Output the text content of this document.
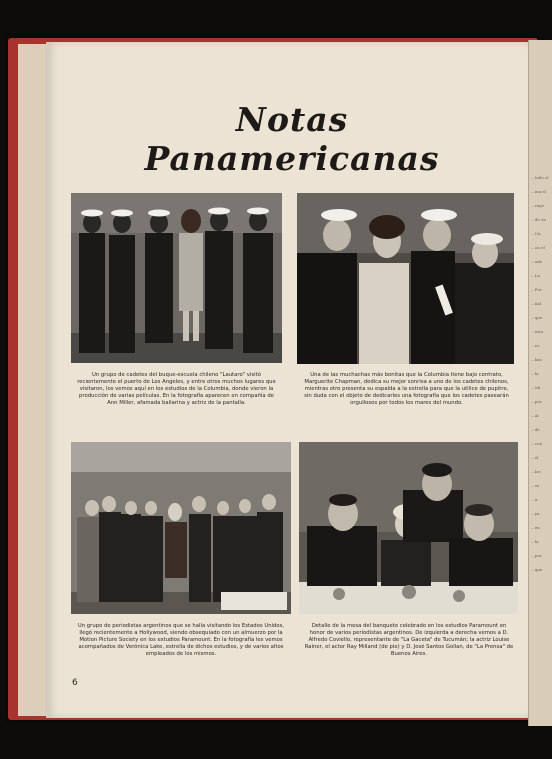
...tado el
...ma el
...riaje
...de en
...Un
...on el
...ado
...La
...Por
...ñal
...que
...esta
...vo
...has
...la
...Mi
...por
...al
...de
...con
...el
...los
...se
...a
...ya
...en
...la
...por
...que
Notas Panamericanas

Un grupo de cadetes del buque-escuela chileno "Lautaro" visitó recientemente el puerto de Los Angeles, y entre otros muchos lugares que visitaron, los vemos aquí en los estudios de la Columbia, donde vieron la producción de varias películas. En la fotografía aparecen en compañía de Ann Miller, afamada bailarina y actriz de la pantalla.

Una de las muchachas más bonitas que la Columbia tiene bajo contrato, Marguerite Chapman, dedica su mejor sonrisa a uno de los cadetes chilenos, mientras otro presenta su espalda a la estrella para que la utilice de pupitre, sin duda con el objeto de dedicarles una fotografía que los cadetes pasearán orgullosos por todos los mares del mundo.

Un grupo de periodistas argentinos que se halla visitando los Estados Unidos, llegó recientemente a Hollywood, siendo obsequiado con un almuerzo por la Motion Picture Society en los estudios Paramount. En la fotografía les vemos acompañados de Verónica Lake, estrella de dichos estudios, y de varios altos empleados de los mismos.

Detalle de la mesa del banquete celebrado en los estudios Paramount en honor de varios periodistas argentinos. De izquierda a derecha vemos a D. Alfredo Coviello, representante de "La Gaceta" de Tucumán; la actriz Louise Rainer, el actor Ray Milland (de pie) y D. José Santos Gollan, de "La Prensa" de Buenos Aires.

6
